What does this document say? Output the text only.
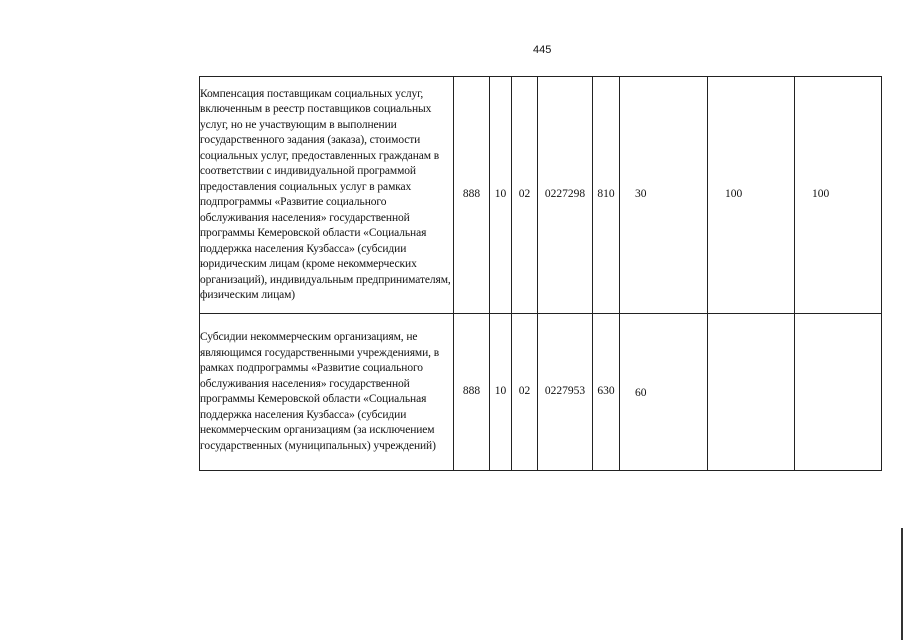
445
Компенсация поставщикам социальных услуг, включенным в реестр поставщиков социальных услуг, но не участвующим в выполнении государственного задания (заказа), стоимости социальных услуг, предоставленных гражданам в соответствии с индивидуальной программой предоставления социальных услуг в рамках подпрограммы «Развитие социального обслуживания населения» государственной программы Кемеровской области «Социальная поддержка населения Кузбасса» (субсидии юридическим лицам (кроме некоммерческих организаций), индивидуальным предпринимателям, физическим лицам)	888	10	02	0227298	810	30	100	100
Субсидии некоммерческим организациям, не являющимся государственными учреждениями, в рамках подпрограммы «Развитие социального обслуживания населения» государственной программы Кемеровской области «Социальная поддержка населения Кузбасса» (субсидии некоммерческим организациям (за исключением государственных (муниципальных) учреждений)	888	10	02	0227953	630	60		
